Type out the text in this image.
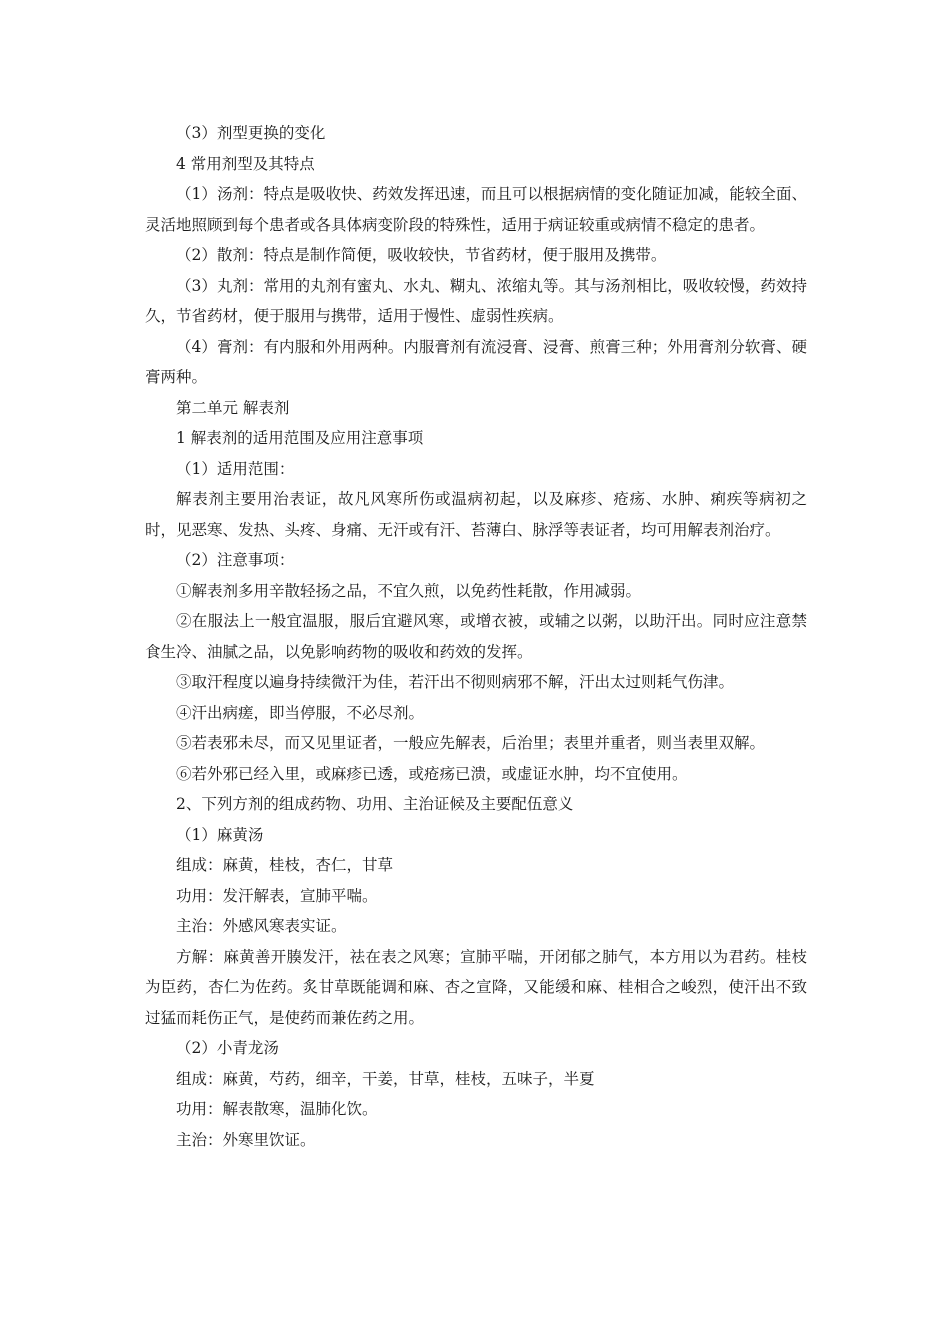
（3）剂型更换的变化

4 常用剂型及其特点

（1）汤剂：特点是吸收快、药效发挥迅速，而且可以根据病情的变化随证加减，能较全面、灵活地照顾到每个患者或各具体病变阶段的特殊性，适用于病证较重或病情不稳定的患者。

（2）散剂：特点是制作简便，吸收较快，节省药材，便于服用及携带。

（3）丸剂：常用的丸剂有蜜丸、水丸、糊丸、浓缩丸等。其与汤剂相比，吸收较慢，药效持久，节省药材，便于服用与携带，适用于慢性、虚弱性疾病。

（4）膏剂：有内服和外用两种。内服膏剂有流浸膏、浸膏、煎膏三种；外用膏剂分软膏、硬膏两种。

第二单元 解表剂

1 解表剂的适用范围及应用注意事项

（1）适用范围：

解表剂主要用治表证，故凡风寒所伤或温病初起，以及麻疹、疮疡、水肿、痢疾等病初之时，见恶寒、发热、头疼、身痛、无汗或有汗、苔薄白、脉浮等表证者，均可用解表剂治疗。

（2）注意事项：

①解表剂多用辛散轻扬之品，不宜久煎，以免药性耗散，作用减弱。

②在服法上一般宜温服，服后宜避风寒，或增衣被，或辅之以粥，以助汗出。同时应注意禁食生冷、油腻之品，以免影响药物的吸收和药效的发挥。

③取汗程度以遍身持续微汗为佳，若汗出不彻则病邪不解，汗出太过则耗气伤津。

④汗出病瘥，即当停服，不必尽剂。

⑤若表邪未尽，而又见里证者，一般应先解表，后治里；表里并重者，则当表里双解。

⑥若外邪已经入里，或麻疹已透，或疮疡已溃，或虚证水肿，均不宜使用。

2、下列方剂的组成药物、功用、主治证候及主要配伍意义

（1）麻黄汤

组成：麻黄，桂枝，杏仁，甘草

功用：发汗解表，宣肺平喘。

主治：外感风寒表实证。

方解：麻黄善开腠发汗，祛在表之风寒；宣肺平喘，开闭郁之肺气，本方用以为君药。桂枝为臣药，杏仁为佐药。炙甘草既能调和麻、杏之宣降，又能缓和麻、桂相合之峻烈，使汗出不致过猛而耗伤正气，是使药而兼佐药之用。

（2）小青龙汤

组成：麻黄，芍药，细辛，干姜，甘草，桂枝，五味子，半夏

功用：解表散寒，温肺化饮。

主治：外寒里饮证。
